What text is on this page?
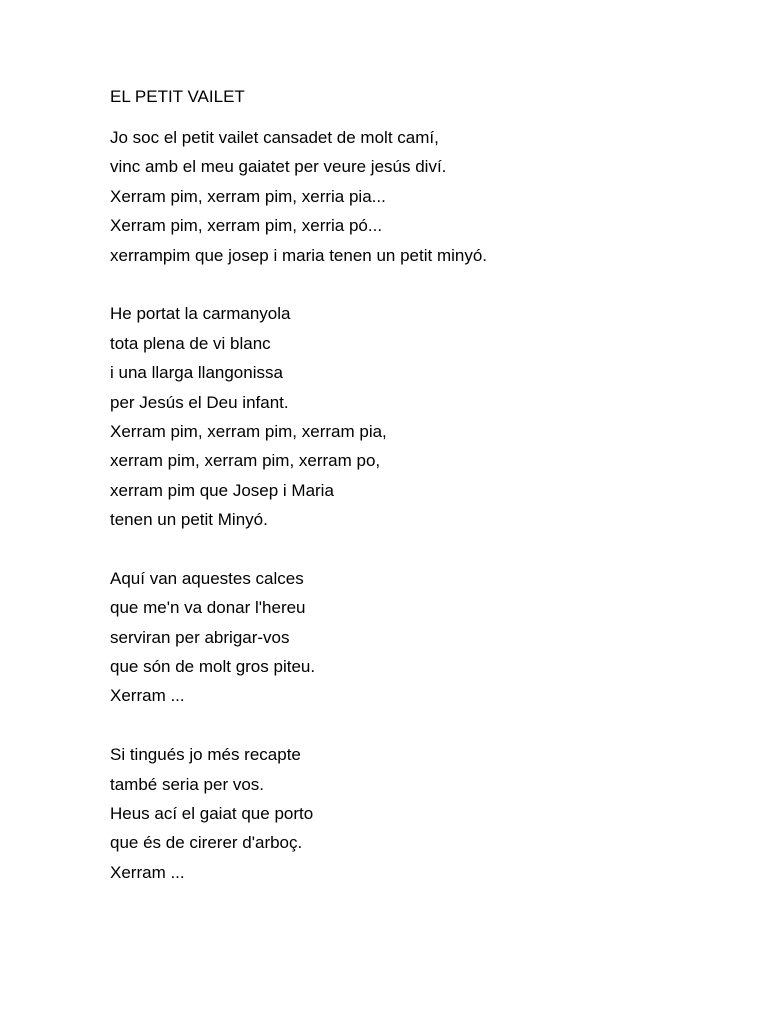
EL PETIT VAILET
Jo soc el petit vailet cansadet de molt camí,
vinc amb el meu gaiatet per veure jesús diví.
Xerram pim, xerram pim, xerria pia...
Xerram pim, xerram pim, xerria pó...
xerrampim que josep i maria tenen un petit minyó.
He portat la carmanyola
tota plena de vi blanc
i una llarga llangonissa
per Jesús el Deu infant.
Xerram pim, xerram pim, xerram pia,
xerram pim, xerram pim, xerram po,
xerram pim que Josep i Maria
tenen un petit Minyó.
Aquí van aquestes calces
que me'n va donar l'hereu
serviran per abrigar-vos
que són de molt gros piteu.
Xerram ...
Si tingués jo més recapte
també seria per vos.
Heus ací el gaiat que porto
que és de cirerer d'arboç.
Xerram ...
